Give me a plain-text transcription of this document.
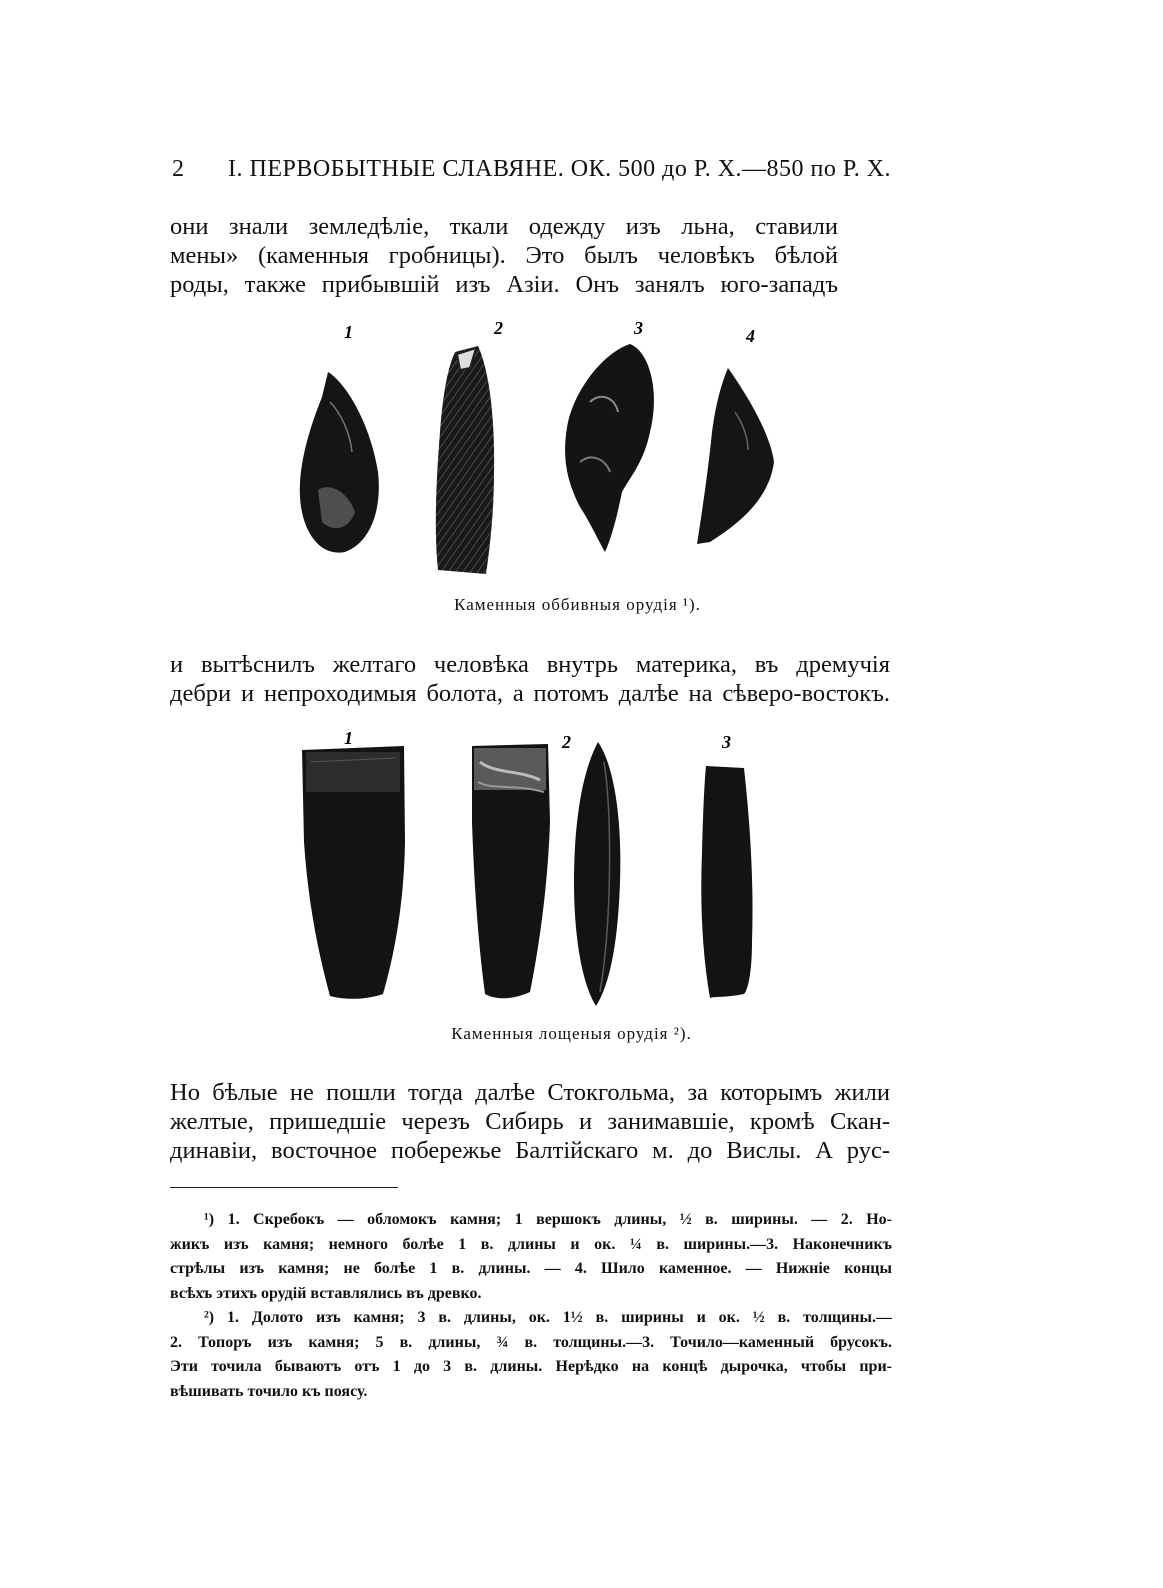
2 I. ПЕРВОБЫТНЫЕ СЛАВЯНЕ. ОК. 500 до Р. Х.—850 по Р. Х.
они знали земледѣлie, ткали одежду изъ льна, ставили
мены» (каменныя гробницы). Это былъ человѣкъ бѣлой
роды, также прибывшiй изъ Азiи. Онъ занялъ юго-западъ
1	2	3	4
Каменныя оббивныя орудiя ¹).
и вытѣснилъ желтаго человѣка внутрь материка, въ дремучiя
дебри и непроходимыя болота, а потомъ далѣе на сѣверо-востокъ.
1	2	3
Каменныя лощеныя орудiя ²).
Но бѣлые не пошли тогда далѣе Стокгольма, за которымъ жили
желтые, пришедшiе черезъ Сибирь и занимавшiе, кромѣ Скан-
динавiи, восточное побережье Балтiйскаго м. до Вислы. А рус-
¹) 1. Скребокъ — обломокъ камня; 1 вершокъ длины, ½ в. ширины. — 2. Но-
жикъ изъ камня; немного болѣе 1 в. длины и ок. ¼ в. ширины.—3. Наконечникъ
стрѣлы изъ камня; не болѣе 1 в. длины. — 4. Шило каменное. — Нижнiе концы
всѣхъ этихъ орудiй вставлялись въ древко.
²) 1. Долото изъ камня; 3 в. длины, ок. 1½ в. ширины и ок. ½ в. толщины.—
2. Топоръ изъ камня; 5 в. длины, ¾ в. толщины.—3. Точило—каменный брусокъ.
Эти точила бываютъ отъ 1 до 3 в. длины. Нерѣдко на концѣ дырочка, чтобы при-
вѣшивать точило къ поясу.
